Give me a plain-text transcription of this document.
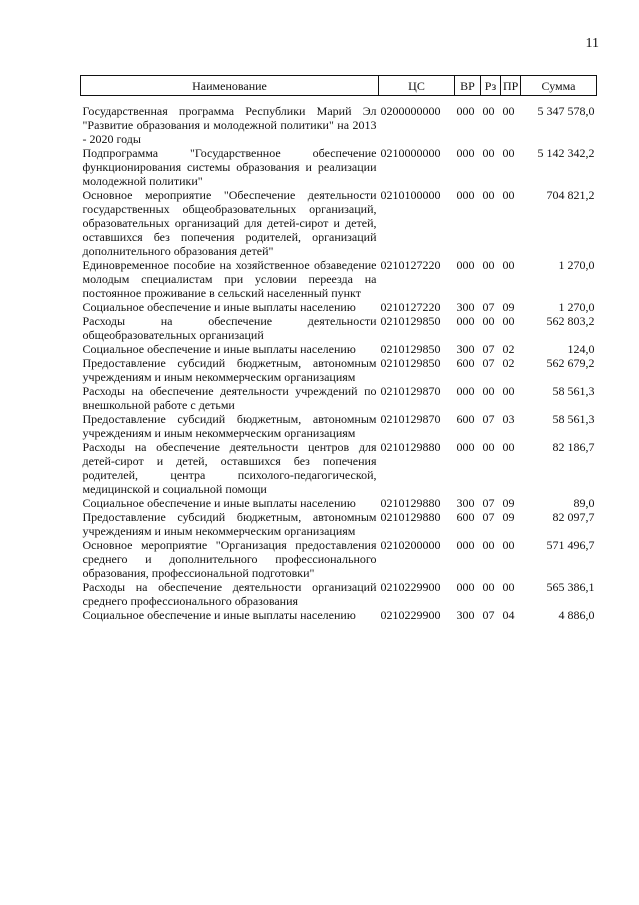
11
Наименование	ЦС	ВР	Рз	ПР	Сумма
Государственная программа Республики Марий Эл "Развитие образования и молодежной политики" на 2013 - 2020 годы	0200000000	000	00	00	5 347 578,0
Подпрограмма "Государственное обеспечение функционирования системы образования и реализации молодежной политики"	0210000000	000	00	00	5 142 342,2
Основное мероприятие "Обеспечение деятельности государственных общеобразовательных организаций, образовательных организаций для детей-сирот и детей, оставшихся без попечения родителей, организаций дополнительного образования детей"	0210100000	000	00	00	704 821,2
Единовременное пособие на хозяйственное обзаведение молодым специалистам при условии переезда на постоянное проживание в сельский населенный пункт	0210127220	000	00	00	1 270,0
Социальное обеспечение и иные выплаты населению	0210127220	300	07	09	1 270,0
Расходы на обеспечение деятельности общеобразовательных организаций	0210129850	000	00	00	562 803,2
Социальное обеспечение и иные выплаты населению	0210129850	300	07	02	124,0
Предоставление субсидий бюджетным, автономным учреждениям и иным некоммерческим организациям	0210129850	600	07	02	562 679,2
Расходы на обеспечение деятельности учреждений по внешкольной работе с детьми	0210129870	000	00	00	58 561,3
Предоставление субсидий бюджетным, автономным учреждениям и иным некоммерческим организациям	0210129870	600	07	03	58 561,3
Расходы на обеспечение деятельности центров для детей-сирот и детей, оставшихся без попечения родителей, центра психолого-педагогической, медицинской и социальной помощи	0210129880	000	00	00	82 186,7
Социальное обеспечение и иные выплаты населению	0210129880	300	07	09	89,0
Предоставление субсидий бюджетным, автономным учреждениям и иным некоммерческим организациям	0210129880	600	07	09	82 097,7
Основное мероприятие "Организация предоставления среднего и дополнительного профессионального образования, профессиональной подготовки"	0210200000	000	00	00	571 496,7
Расходы на обеспечение деятельности организаций среднего профессионального образования	0210229900	000	00	00	565 386,1
Социальное обеспечение и иные выплаты населению	0210229900	300	07	04	4 886,0
